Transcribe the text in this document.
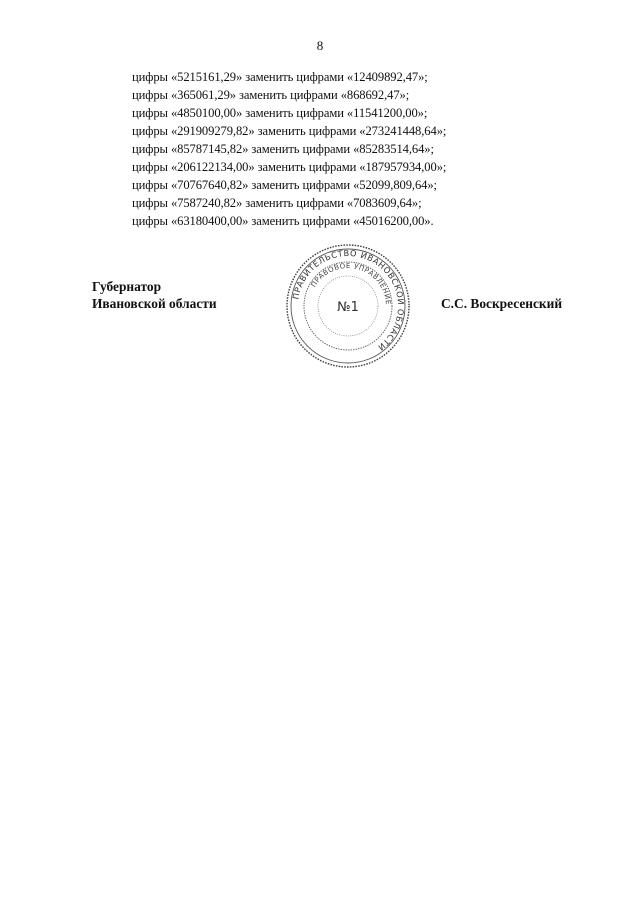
8
цифры «5215161,29» заменить цифрами «12409892,47»;
цифры «365061,29» заменить цифрами «868692,47»;
цифры «4850100,00» заменить цифрами «11541200,00»;
цифры «291909279,82» заменить цифрами «273241448,64»;
цифры «85787145,82» заменить цифрами «85283514,64»;
цифры «206122134,00» заменить цифрами «187957934,00»;
цифры «70767640,82» заменить цифрами «52099,809,64»;
цифры «7587240,82» заменить цифрами «7083609,64»;
цифры «63180400,00» заменить цифрами «45016200,00».
Губернатор
Ивановской области
ПРАВИТЕЛЬСТВО ИВАНОВСКОЙ ОБЛАСТИ
ПРАВОВОЕ УПРАВЛЕНИЕ
№1	С.С. Воскресенский
